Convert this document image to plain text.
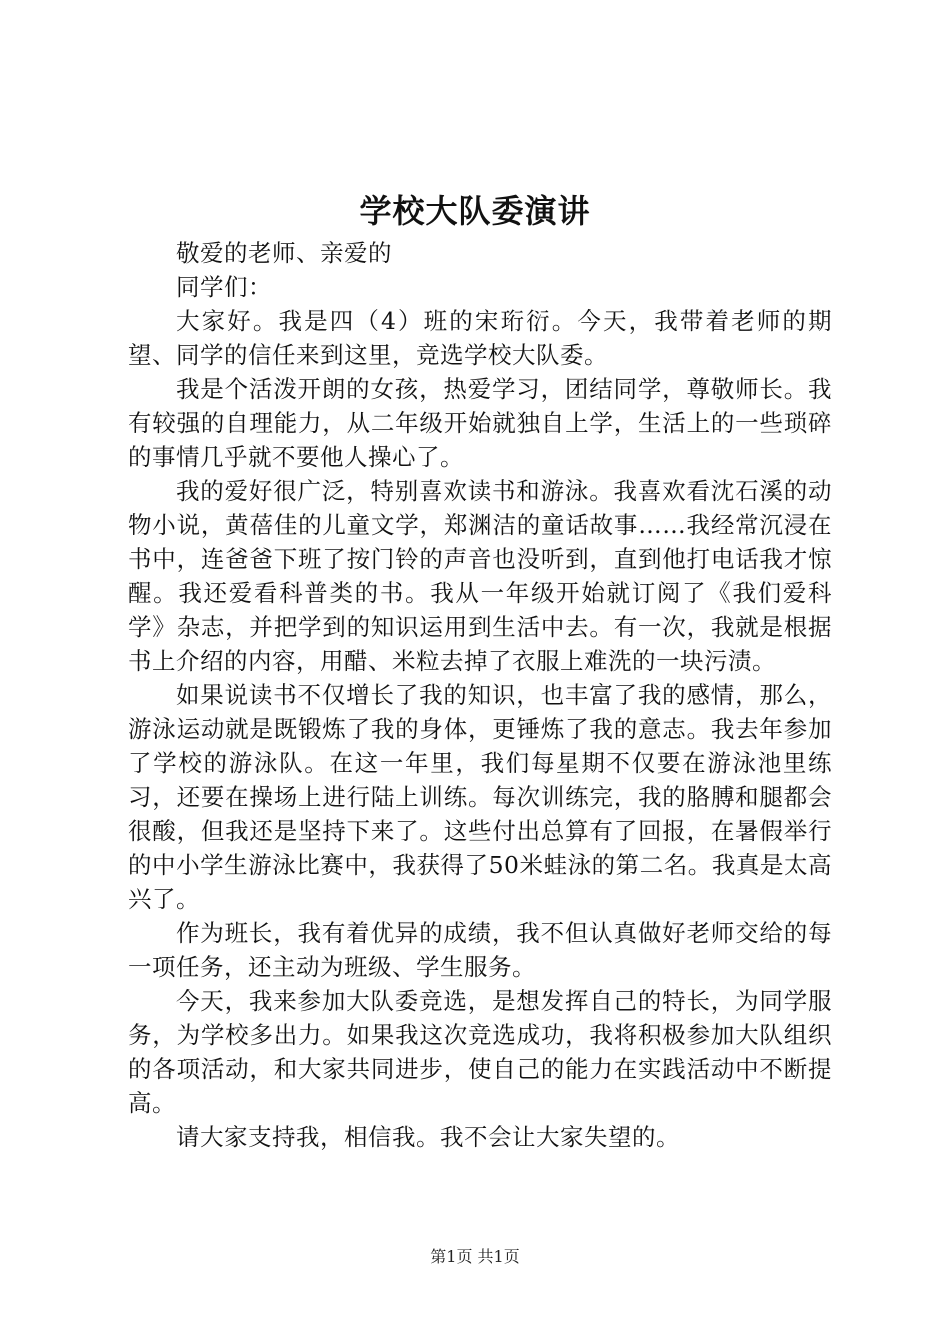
学校大队委演讲

敬爱的老师、亲爱的

同学们：

大家好。我是四（4）班的宋珩衍。今天，我带着老师的期望、同学的信任来到这里，竞选学校大队委。

我是个活泼开朗的女孩，热爱学习，团结同学，尊敬师长。我有较强的自理能力，从二年级开始就独自上学，生活上的一些琐碎的事情几乎就不要他人操心了。

我的爱好很广泛，特别喜欢读书和游泳。我喜欢看沈石溪的动物小说，黄蓓佳的儿童文学，郑渊洁的童话故事……我经常沉浸在书中，连爸爸下班了按门铃的声音也没听到，直到他打电话我才惊醒。我还爱看科普类的书。我从一年级开始就订阅了《我们爱科学》杂志，并把学到的知识运用到生活中去。有一次，我就是根据书上介绍的内容，用醋、米粒去掉了衣服上难洗的一块污渍。

如果说读书不仅增长了我的知识，也丰富了我的感情，那么，游泳运动就是既锻炼了我的身体，更锤炼了我的意志。我去年参加了学校的游泳队。在这一年里，我们每星期不仅要在游泳池里练习，还要在操场上进行陆上训练。每次训练完，我的胳膊和腿都会很酸，但我还是坚持下来了。这些付出总算有了回报，在暑假举行的中小学生游泳比赛中，我获得了50米蛙泳的第二名。我真是太高兴了。

作为班长，我有着优异的成绩，我不但认真做好老师交给的每一项任务，还主动为班级、学生服务。

今天，我来参加大队委竞选，是想发挥自己的特长，为同学服务，为学校多出力。如果我这次竞选成功，我将积极参加大队组织的各项活动，和大家共同进步，使自己的能力在实践活动中不断提高。

请大家支持我，相信我。我不会让大家失望的。

第1页 共1页
